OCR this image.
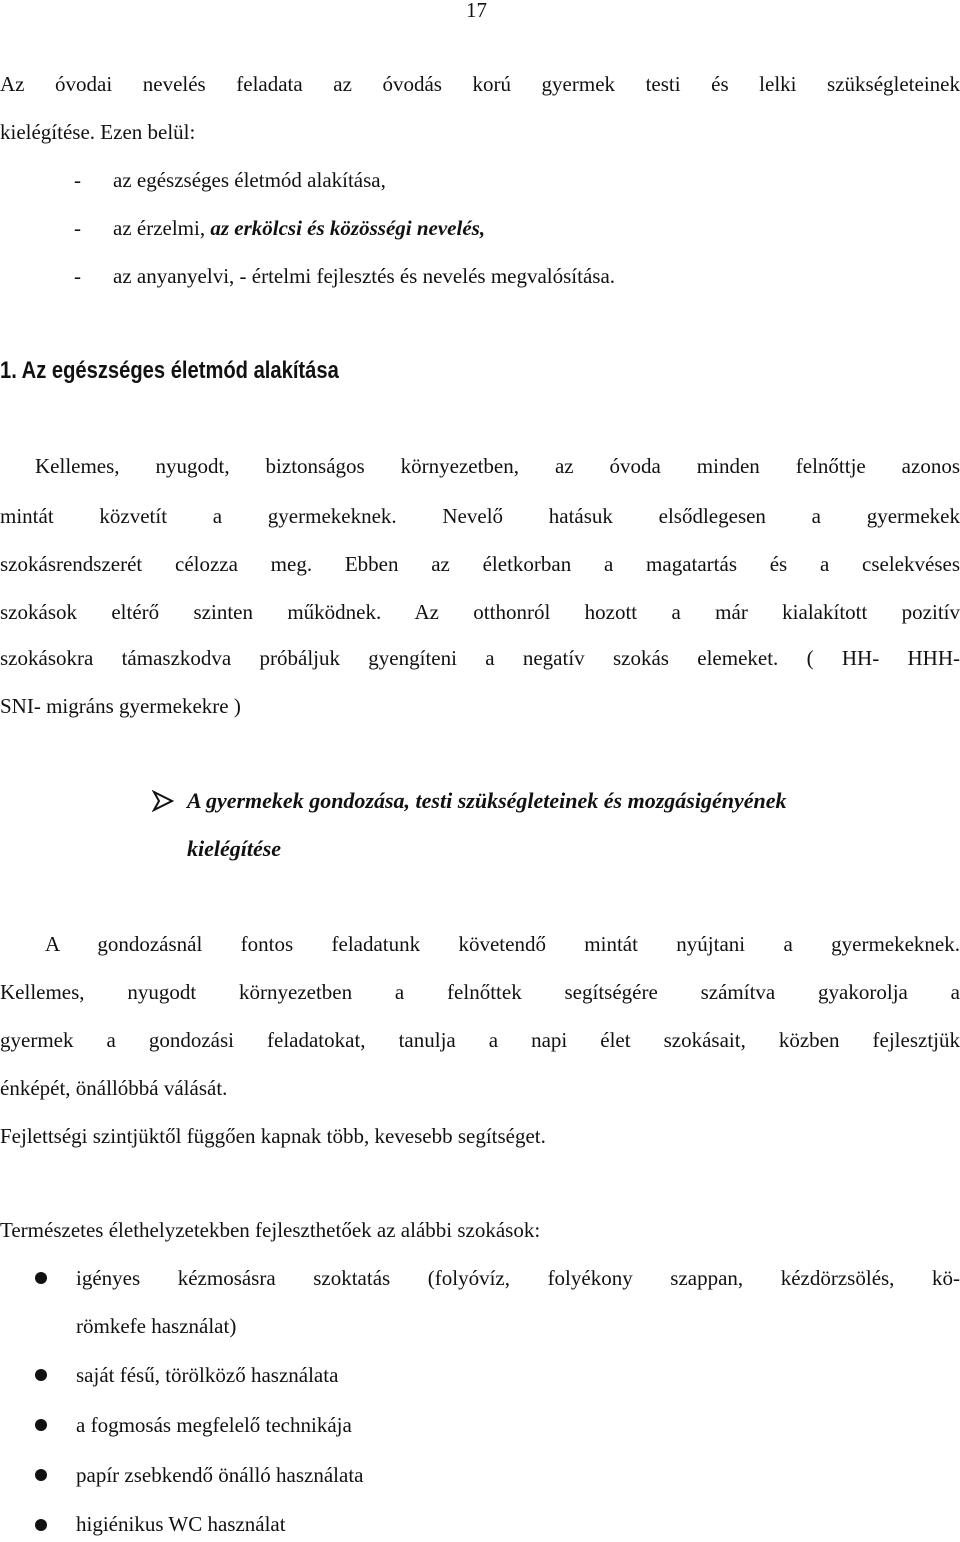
17
Az óvodai nevelés feladata az óvodás korú gyermek testi és lelki szükségleteinek
kielégítése. Ezen belül:
- az egészséges életmód alakítása,
- az érzelmi, az erkölcsi és közösségi nevelés,
- az anyanyelvi, - értelmi fejlesztés és nevelés megvalósítása.
1. Az egészséges életmód alakítása
Kellemes, nyugodt, biztonságos környezetben, az óvoda minden felnőttje azonos
mintát közvetít a gyermekeknek. Nevelő hatásuk elsődlegesen a gyermekek
szokásrendszerét célozza meg. Ebben az életkorban a magatartás és a cselekvéses
szokások eltérő szinten működnek. Az otthonról hozott a már kialakított pozitív
szokásokra támaszkodva próbáljuk gyengíteni a negatív szokás elemeket. ( HH- HHH-
SNI- migráns gyermekekre )
A gyermekek gondozása, testi szükségleteinek és mozgásigényének
kielégítése
A gondozásnál fontos feladatunk követendő mintát nyújtani a gyermekeknek.
Kellemes, nyugodt környezetben a felnőttek segítségére számítva gyakorolja a
gyermek a gondozási feladatokat, tanulja a napi élet szokásait, közben fejlesztjük
énképét, önállóbbá válását.
Fejlettségi szintjüktől függően kapnak több, kevesebb segítséget.
Természetes élethelyzetekben fejleszthetőek az alábbi szokások:
igényes kézmosásra szoktatás (folyóvíz, folyékony szappan, kézdörzsölés, kö-
römkefe használat)
saját fésű, törölköző használata
a fogmosás megfelelő technikája
papír zsebkendő önálló használata
higiénikus WC használat
